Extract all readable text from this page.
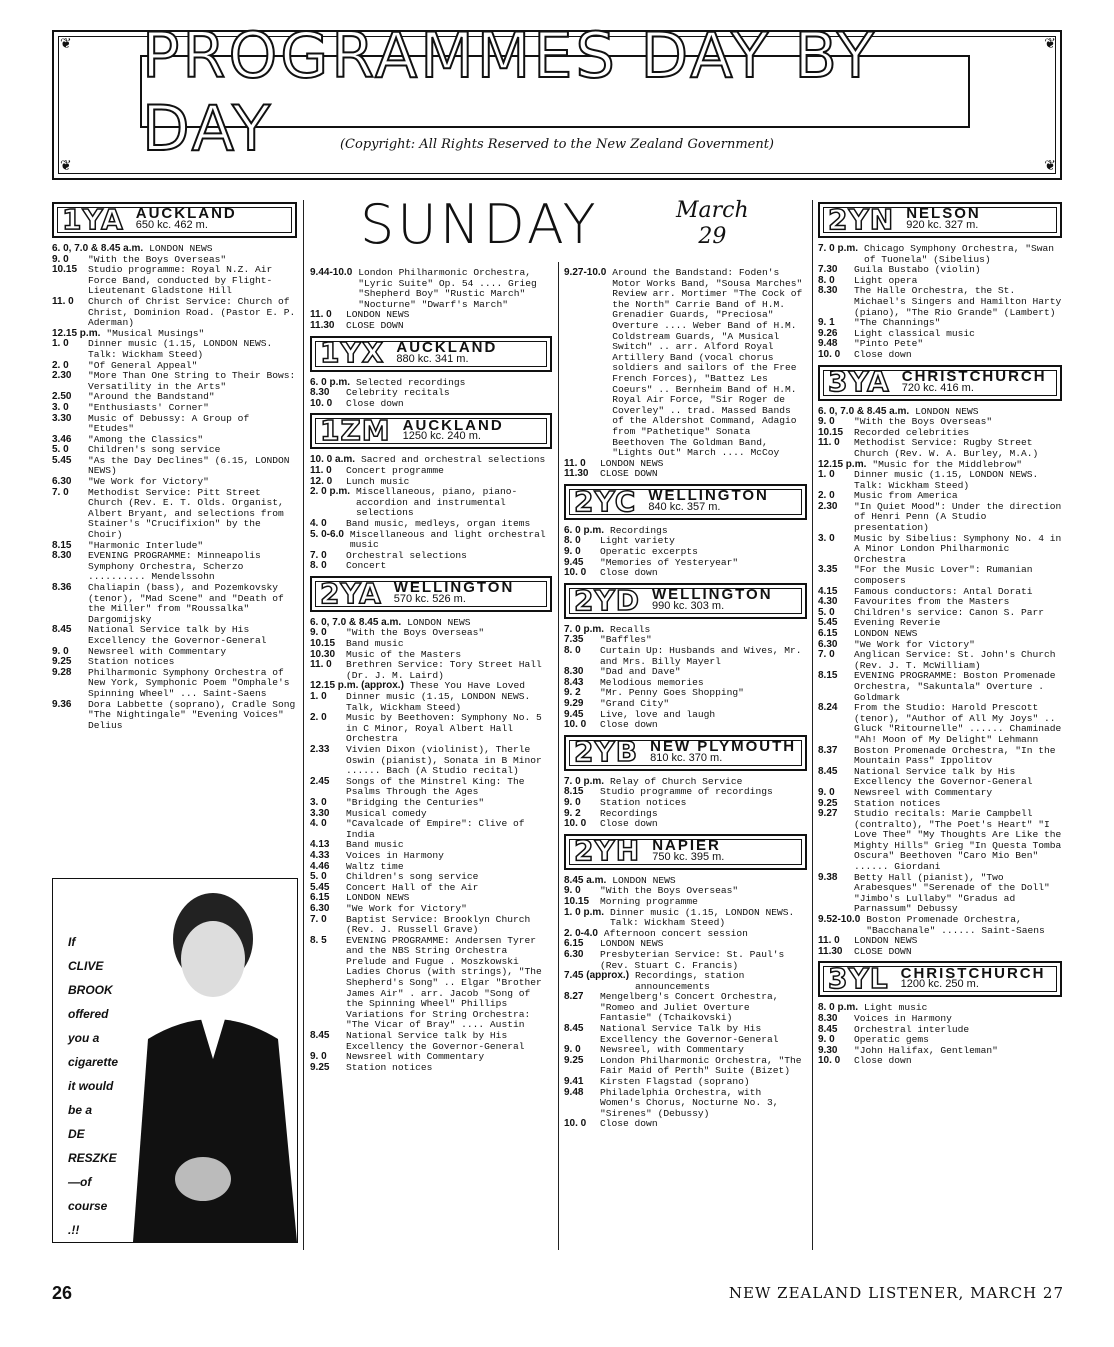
❦	❦
❦	❦
PROGRAMMES DAY BY DAY	(Copyright: All Rights Reserved to the New Zealand Government)
SUNDAY	March
29
1YA AUCKLAND
650 kc. 462 m.
6. 0, 7.0 & 8.45 a.m. LONDON NEWS
9. 0	"With the Boys Overseas"
10.15	Studio programme: Royal N.Z. Air Force Band, conducted by Flight-Lieutenant Gladstone Hill
11. 0	Church of Christ Service: Church of Christ, Dominion Road. (Pastor E. P. Aderman)
12.15 p.m. "Musical Musings"
1. 0	Dinner music (1.15, LONDON NEWS. Talk: Wickham Steed)
2. 0	"Of General Appeal"
2.30	"More Than One String to Their Bows: Versatility in the Arts"
2.50	"Around the Bandstand"
3. 0	"Enthusiasts' Corner"
3.30	Music of Debussy: A Group of "Etudes"
3.46	"Among the Classics"
5. 0	Children's song service
5.45	"As the Day Declines" (6.15, LONDON NEWS)
6.30	"We Work for Victory"
7. 0	Methodist Service: Pitt Street Church (Rev. E. T. Olds. Organist, Albert Bryant, and selections from Stainer's "Crucifixion" by the Choir)
8.15	"Harmonic Interlude"
8.30	EVENING PROGRAMME: Minneapolis Symphony Orchestra, Scherzo .......... Mendelssohn
8.36	Chaliapin (bass), and Pozemkovsky (tenor), "Mad Scene" and "Death of the Miller" from "Roussalka" Dargomijsky
8.45	National Service talk by His Excellency the Governor-General
9. 0	Newsreel with Commentary
9.25	Station notices
9.28	Philharmonic Symphony Orchestra of New York, Symphonic Poem "Omphale's Spinning Wheel" ... Saint-Saens
9.36	Dora Labbette (soprano), Cradle Song "The Nightingale" "Evening Voices" Delius
9.44-10.0 London Philharmonic Orchestra, "Lyric Suite" Op. 54 .... Grieg "Shepherd Boy" "Rustic March" "Nocturne" "Dwarf's March"
11. 0	LONDON NEWS
11.30	CLOSE DOWN
1YX AUCKLAND
880 kc. 341 m.
6. 0 p.m. Selected recordings
8.30	Celebrity recitals
10. 0	Close down
1ZM AUCKLAND
1250 kc. 240 m.
10. 0 a.m. Sacred and orchestral selections
11. 0	Concert programme
12. 0	Lunch music
2. 0 p.m. Miscellaneous, piano, piano-accordion and instrumental selections
4. 0	Band music, medleys, organ items
5. 0-6.0 Miscellaneous and light orchestral music
7. 0	Orchestral selections
8. 0	Concert
2YA WELLINGTON
570 kc. 526 m.
6. 0, 7.0 & 8.45 a.m. LONDON NEWS
9. 0	"With the Boys Overseas"
10.15	Band music
10.30	Music of the Masters
11. 0	Brethren Service: Tory Street Hall (Dr. J. M. Laird)
12.15 p.m. (approx.) These You Have Loved
1. 0	Dinner music (1.15, LONDON NEWS. Talk, Wickham Steed)
2. 0	Music by Beethoven: Symphony No. 5 in C Minor, Royal Albert Hall Orchestra
2.33	Vivien Dixon (violinist), Therle Oswin (pianist), Sonata in B Minor ...... Bach (A Studio recital)
2.45	Songs of the Minstrel King: The Psalms Through the Ages
3. 0	"Bridging the Centuries"
3.30	Musical comedy
4. 0	"Cavalcade of Empire": Clive of India
4.13	Band music
4.33	Voices in Harmony
4.46	Waltz time
5. 0	Children's song service
5.45	Concert Hall of the Air
6.15	LONDON NEWS
6.30	"We Work for Victory"
7. 0	Baptist Service: Brooklyn Church (Rev. J. Russell Grave)
8. 5	EVENING PROGRAMME: Andersen Tyrer and the NBS String Orchestra Prelude and Fugue . Moszkowski Ladies Chorus (with strings), "The Shepherd's Song" .. Elgar "Brother James Air" . arr. Jacob "Song of the Spinning Wheel" Phillips Variations for String Orchestra: "The Vicar of Bray" .... Austin
8.45	National Service talk by His Excellency the Governor-General
9. 0	Newsreel with Commentary
9.25	Station notices
9.27-10.0 Around the Bandstand: Foden's Motor Works Band, "Sousa Marches" Review arr. Mortimer "The Cock of the North" Carrie Band of H.M. Grenadier Guards, "Preciosa" Overture .... Weber Band of H.M. Coldstream Guards, "A Musical Switch" .. arr. Alford Royal Artillery Band (vocal chorus soldiers and sailors of the Free French Forces), "Battez Les Coeurs" .. Bernheim Band of H.M. Royal Air Force, "Sir Roger de Coverley" .. trad. Massed Bands of the Aldershot Command, Adagio from "Pathetique" Sonata Beethoven The Goldman Band, "Lights Out" March .... McCoy
11. 0	LONDON NEWS
11.30	CLOSE DOWN
2YC WELLINGTON
840 kc. 357 m.
6. 0 p.m. Recordings
8. 0	Light variety
9. 0	Operatic excerpts
9.45	"Memories of Yesteryear"
10. 0	Close down
2YD WELLINGTON
990 kc. 303 m.
7. 0 p.m. Recalls
7.35	"Baffles"
8. 0	Curtain Up: Husbands and Wives, Mr. and Mrs. Billy Mayerl
8.30	"Dad and Dave"
8.43	Melodious memories
9. 2	"Mr. Penny Goes Shopping"
9.29	"Grand City"
9.45	Live, love and laugh
10. 0	Close down
2YB NEW PLYMOUTH
810 kc. 370 m.
7. 0 p.m. Relay of Church Service
8.15	Studio programme of recordings
9. 0	Station notices
9. 2	Recordings
10. 0	Close down
2YH NAPIER
750 kc. 395 m.
8.45 a.m. LONDON NEWS
9. 0	"With the Boys Overseas"
10.15	Morning programme
1. 0 p.m. Dinner music (1.15, LONDON NEWS. Talk: Wickham Steed)
2. 0-4.0 Afternoon concert session
6.15	LONDON NEWS
6.30	Presbyterian Service: St. Paul's (Rev. Stuart C. Francis)
7.45 (approx.) Recordings, station announcements
8.27	Mengelberg's Concert Orchestra, "Romeo and Juliet Overture Fantasie" (Tchaikovski)
8.45	National Service Talk by His Excellency the Governor-General
9. 0	Newsreel, with Commentary
9.25	London Philharmonic Orchestra, "The Fair Maid of Perth" Suite (Bizet)
9.41	Kirsten Flagstad (soprano)
9.48	Philadelphia Orchestra, with Women's Chorus, Nocturne No. 3, "Sirenes" (Debussy)
10. 0	Close down
2YN NELSON
920 kc. 327 m.
7. 0 p.m. Chicago Symphony Orchestra, "Swan of Tuonela" (Sibelius)
7.30	Guila Bustabo (violin)
8. 0	Light opera
8.30	The Halle Orchestra, the St. Michael's Singers and Hamilton Harty (piano), "The Rio Grande" (Lambert)
9. 1	"The Channings"
9.26	Light classical music
9.48	"Pinto Pete"
10. 0	Close down
3YA CHRISTCHURCH
720 kc. 416 m.
6. 0, 7.0 & 8.45 a.m. LONDON NEWS
9. 0	"With the Boys Overseas"
10.15	Recorded celebrities
11. 0	Methodist Service: Rugby Street Church (Rev. W. A. Burley, M.A.)
12.15 p.m. "Music for the Middlebrow"
1. 0	Dinner music (1.15, LONDON NEWS. Talk: Wickham Steed)
2. 0	Music from America
2.30	"In Quiet Mood": Under the direction of Henri Penn (A Studio presentation)
3. 0	Music by Sibelius: Symphony No. 4 in A Minor London Philharmonic Orchestra
3.35	"For the Music Lover": Rumanian composers
4.15	Famous conductors: Antal Dorati
4.30	Favourites from the Masters
5. 0	Children's service: Canon S. Parr
5.45	Evening Reverie
6.15	LONDON NEWS
6.30	"We Work for Victory"
7. 0	Anglican Service: St. John's Church (Rev. J. T. McWilliam)
8.15	EVENING PROGRAMME: Boston Promenade Orchestra, "Sakuntala" Overture . Goldmark
8.24	From the Studio: Harold Prescott (tenor), "Author of All My Joys" .. Gluck "Ritournelle" ...... Chaminade "Ah! Moon of My Delight" Lehmann
8.37	Boston Promenade Orchestra, "In the Mountain Pass" Ippolitov
8.45	National Service talk by His Excellency the Governor-General
9. 0	Newsreel with Commentary
9.25	Station notices
9.27	Studio recitals: Marie Campbell (contralto), "The Poet's Heart" "I Love Thee" "My Thoughts Are Like the Mighty Hills" Grieg "In Questa Tomba Oscura" Beethoven "Caro Mio Ben" ...... Giordani
9.38	Betty Hall (pianist), "Two Arabesques" "Serenade of the Doll" "Jimbo's Lullaby" "Gradus ad Parnassum" Debussy
9.52-10.0 Boston Promenade Orchestra, "Bacchanale" ...... Saint-Saens
11. 0	LONDON NEWS
11.30	CLOSE DOWN
3YL CHRISTCHURCH
1200 kc. 250 m.
8. 0 p.m. Light music
8.30	Voices in Harmony
8.45	Orchestral interlude
9. 0	Operatic gems
9.30	"John Halifax, Gentleman"
10. 0	Close down
If
CLIVE
BROOK
offered
you a
cigarette
it would
be a
DE
RESZKE
—of
course
.!!
26	NEW ZEALAND LISTENER, MARCH 27
